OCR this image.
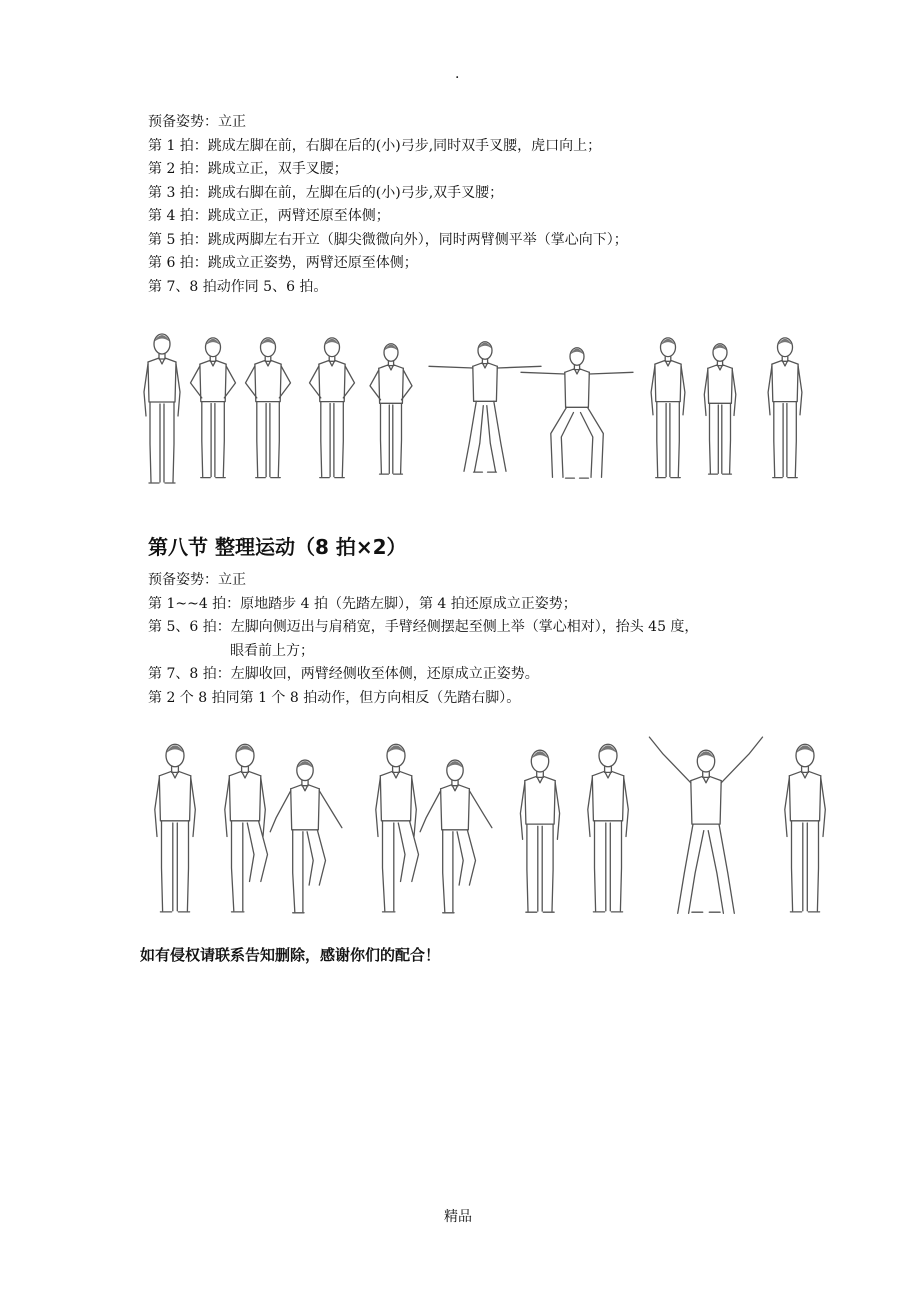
·
预备姿势：立正
第 1 拍：跳成左脚在前，右脚在后的(小)弓步,同时双手叉腰，虎口向上；
第 2 拍：跳成立正，双手叉腰；
第 3 拍：跳成右脚在前，左脚在后的(小)弓步,双手叉腰；
第 4 拍：跳成立正，两臂还原至体侧；
第 5 拍：跳成两脚左右开立（脚尖微微向外），同时两臂侧平举（掌心向下）；
第 6 拍：跳成立正姿势，两臂还原至体侧；
第 7、8 拍动作同 5、6 拍。
第八节 整理运动（8 拍×2）
预备姿势：立正
第 1~~4 拍：原地踏步 4 拍（先踏左脚），第 4 拍还原成立正姿势；
第 5、6 拍：左脚向侧迈出与肩稍宽，手臂经侧摆起至侧上举（掌心相对），抬头 45 度，
眼看前上方；
第 7、8 拍：左脚收回，两臂经侧收至体侧，还原成立正姿势。
第 2 个 8 拍同第 1 个 8 拍动作，但方向相反（先踏右脚）。
如有侵权请联系告知删除，感谢你们的配合！
精品
